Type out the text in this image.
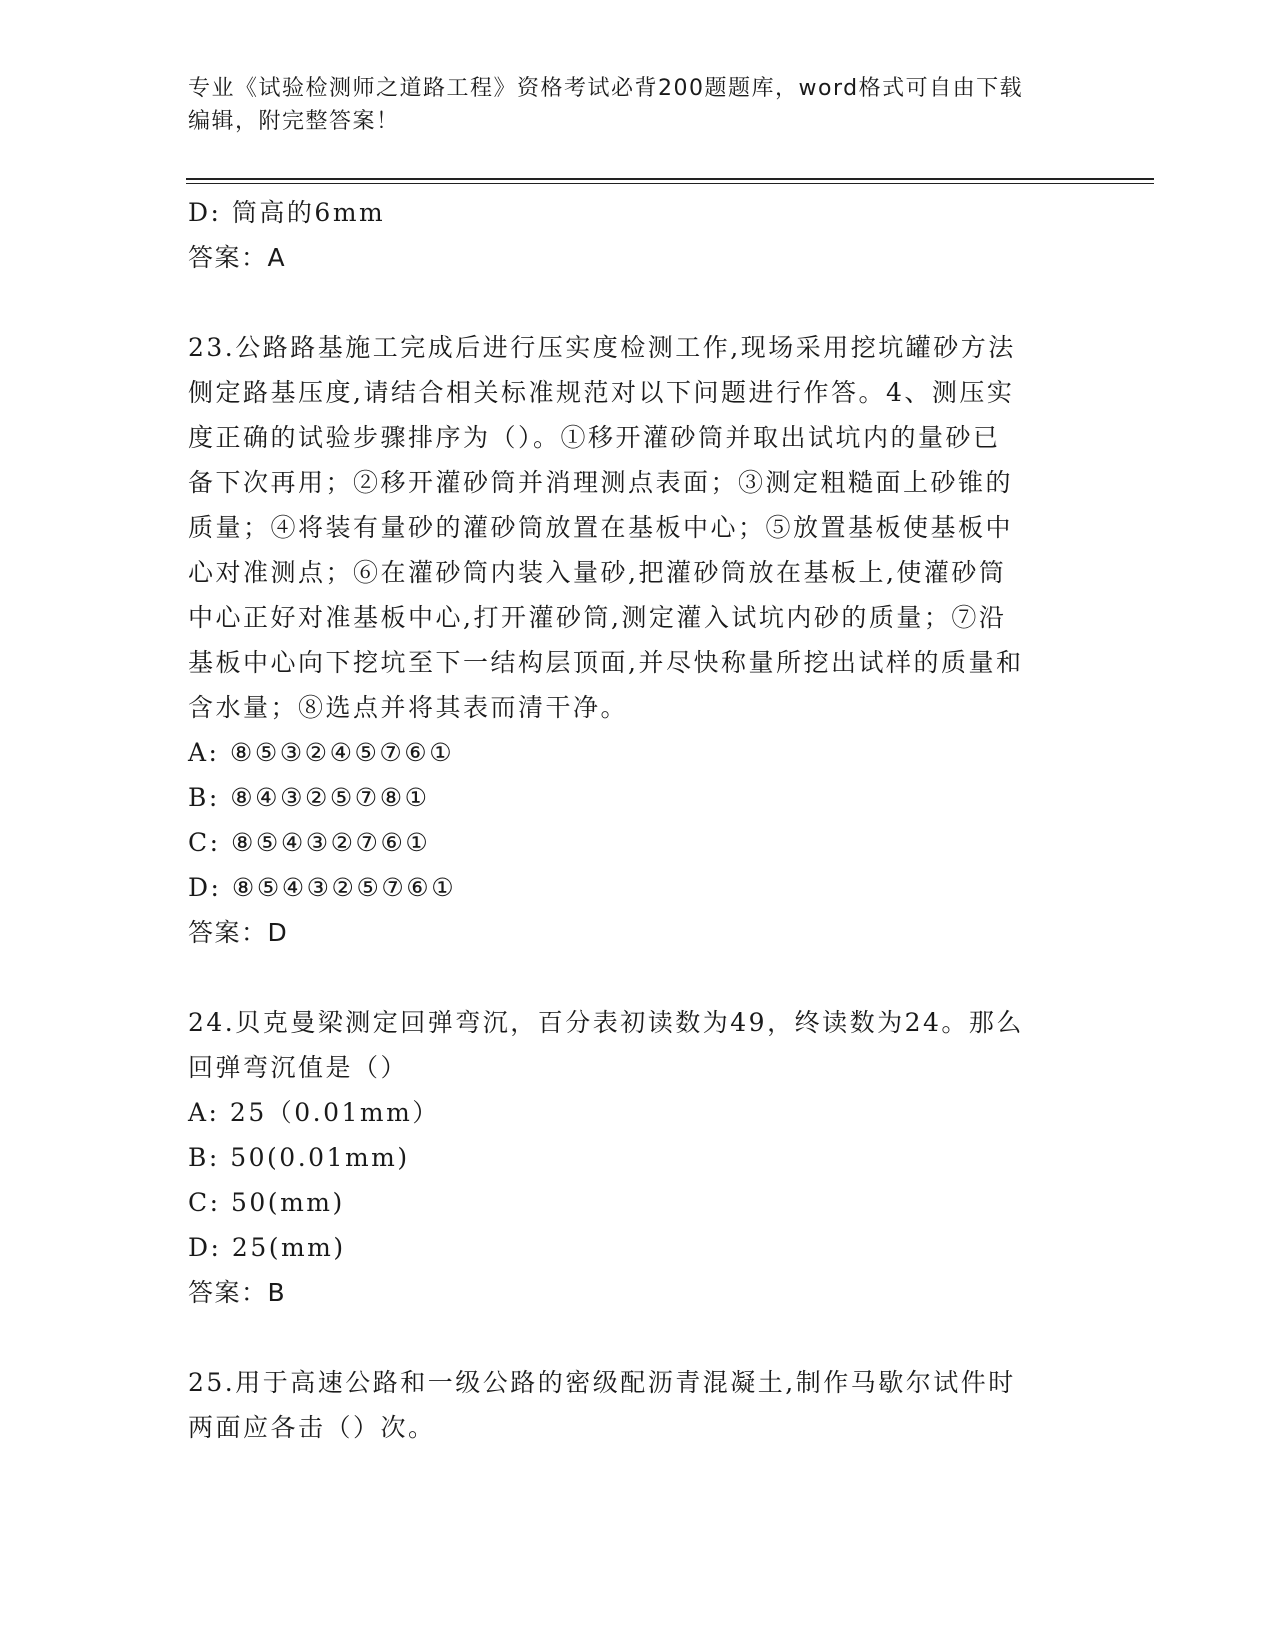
专业《试验检测师之道路工程》资格考试必背200题题库，word格式可自由下载
编辑，附完整答案！
D: 筒高的6mm
答案：A
23.公路路基施工完成后进行压实度检测工作,现场采用挖坑罐砂方法
侧定路基压度,请结合相关标准规范对以下问题进行作答。4、测压实
度正确的试验步骤排序为（）。①移开灌砂筒并取出试坑内的量砂已
备下次再用；②移开灌砂筒并消理测点表面；③测定粗糙面上砂锥的
质量；④将装有量砂的灌砂筒放置在基板中心；⑤放置基板使基板中
心对准测点；⑥在灌砂筒内装入量砂,把灌砂筒放在基板上,使灌砂筒
中心正好对准基板中心,打开灌砂筒,测定灌入试坑内砂的质量；⑦沿
基板中心向下挖坑至下一结构层顶面,并尽快称量所挖出试样的质量和
含水量；⑧选点并将其表而清干净。
A: ⑧⑤③②④⑤⑦⑥①
B: ⑧④③②⑤⑦⑧①
C: ⑧⑤④③②⑦⑥①
D: ⑧⑤④③②⑤⑦⑥①
答案：D
24.贝克曼梁测定回弹弯沉，百分表初读数为49，终读数为24。那么
回弹弯沉值是（）
A: 25（0.01mm）
B: 50(0.01mm)
C: 50(mm)
D: 25(mm)
答案：B
25.用于高速公路和一级公路的密级配沥青混凝土,制作马歇尔试件时
两面应各击（）次。
